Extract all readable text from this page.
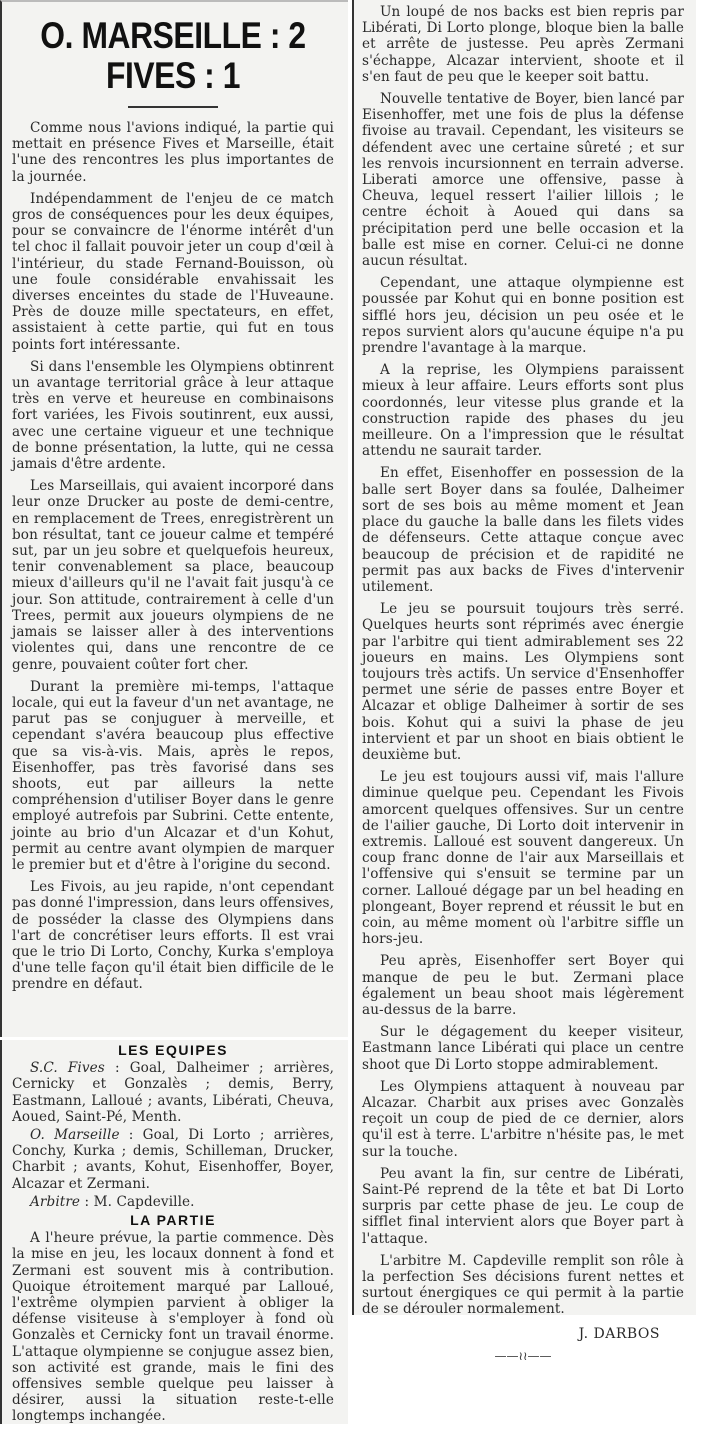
O. MARSEILLE : 2
FIVES : 1

Comme nous l'avions indiqué, la partie qui mettait en présence Fives et Marseille, était l'une des rencontres les plus importantes de la journée.

Indépendamment de l'enjeu de ce match gros de conséquences pour les deux équipes, pour se convaincre de l'énorme intérêt d'un tel choc il fallait pouvoir jeter un coup d'œil à l'intérieur, du stade Fernand-Bouisson, où une foule considérable envahissait les diverses enceintes du stade de l'Huveaune. Près de douze mille spectateurs, en effet, assistaient à cette partie, qui fut en tous points fort intéressante.

Si dans l'ensemble les Olympiens obtinrent un avantage territorial grâce à leur attaque très en verve et heureuse en combinaisons fort variées, les Fivois soutinrent, eux aussi, avec une certaine vigueur et une technique de bonne présentation, la lutte, qui ne cessa jamais d'être ardente.

Les Marseillais, qui avaient incorporé dans leur onze Drucker au poste de demi-centre, en remplacement de Trees, enregistrèrent un bon résultat, tant ce joueur calme et tempéré sut, par un jeu sobre et quelquefois heureux, tenir convenablement sa place, beaucoup mieux d'ailleurs qu'il ne l'avait fait jusqu'à ce jour. Son attitude, contrairement à celle d'un Trees, permit aux joueurs olympiens de ne jamais se laisser aller à des interventions violentes qui, dans une rencontre de ce genre, pouvaient coûter fort cher.

Durant la première mi-temps, l'attaque locale, qui eut la faveur d'un net avantage, ne parut pas se conjuguer à merveille, et cependant s'avéra beaucoup plus effective que sa vis-à-vis. Mais, après le repos, Eisenhoffer, pas très favorisé dans ses shoots, eut par ailleurs la nette compréhension d'utiliser Boyer dans le genre employé autrefois par Subrini. Cette entente, jointe au brio d'un Alcazar et d'un Kohut, permit au centre avant olympien de marquer le premier but et d'être à l'origine du second.

Les Fivois, au jeu rapide, n'ont cependant pas donné l'impression, dans leurs offensives, de posséder la classe des Olympiens dans l'art de concrétiser leurs efforts. Il est vrai que le trio Di Lorto, Conchy, Kurka s'employa d'une telle façon qu'il était bien difficile de le prendre en défaut.

LES EQUIPES

S.C. Fives : Goal, Dalheimer ; arrières, Cernicky et Gonzalès ; demis, Berry, Eastmann, Lalloué ; avants, Libérati, Cheuva, Aoued, Saint-Pé, Menth.

O. Marseille : Goal, Di Lorto ; arrières, Conchy, Kurka ; demis, Schilleman, Drucker, Charbit ; avants, Kohut, Eisenhoffer, Boyer, Alcazar et Zermani.

Arbitre : M. Capdeville.

LA PARTIE

A l'heure prévue, la partie commence. Dès la mise en jeu, les locaux donnent à fond et Zermani est souvent mis à contribution. Quoique étroitement marqué par Lalloué, l'extrême olympien parvient à obliger la défense visiteuse à s'employer à fond où Gonzalès et Cernicky font un travail énorme. L'attaque olympienne se conjugue assez bien, son activité est grande, mais le fini des offensives semble quelque peu laisser à désirer, aussi la situation reste-t-elle longtemps inchangée.

Un loupé de nos backs est bien repris par Libérati, Di Lorto plonge, bloque bien la balle et arrête de justesse. Peu après Zermani s'échappe, Alcazar intervient, shoote et il s'en faut de peu que le keeper soit battu.

Nouvelle tentative de Boyer, bien lancé par Eisenhoffer, met une fois de plus la défense fivoise au travail. Cependant, les visiteurs se défendent avec une certaine sûreté ; et sur les renvois incursionnent en terrain adverse. Liberati amorce une offensive, passe à Cheuva, lequel ressert l'ailier lillois ; le centre échoit à Aoued qui dans sa précipitation perd une belle occasion et la balle est mise en corner. Celui-ci ne donne aucun résultat.

Cependant, une attaque olympienne est poussée par Kohut qui en bonne position est sifflé hors jeu, décision un peu osée et le repos survient alors qu'aucune équipe n'a pu prendre l'avantage à la marque.

A la reprise, les Olympiens paraissent mieux à leur affaire. Leurs efforts sont plus coordonnés, leur vitesse plus grande et la construction rapide des phases du jeu meilleure. On a l'impression que le résultat attendu ne saurait tarder.

En effet, Eisenhoffer en possession de la balle sert Boyer dans sa foulée, Dalheimer sort de ses bois au même moment et Jean place du gauche la balle dans les filets vides de défenseurs. Cette attaque conçue avec beaucoup de précision et de rapidité ne permit pas aux backs de Fives d'intervenir utilement.

Le jeu se poursuit toujours très serré. Quelques heurts sont réprimés avec énergie par l'arbitre qui tient admirablement ses 22 joueurs en mains. Les Olympiens sont toujours très actifs. Un service d'Ensenhoffer permet une série de passes entre Boyer et Alcazar et oblige Dalheimer à sortir de ses bois. Kohut qui a suivi la phase de jeu intervient et par un shoot en biais obtient le deuxième but.

Le jeu est toujours aussi vif, mais l'allure diminue quelque peu. Cependant les Fivois amorcent quelques offensives. Sur un centre de l'ailier gauche, Di Lorto doit intervenir in extremis. Lalloué est souvent dangereux. Un coup franc donne de l'air aux Marseillais et l'offensive qui s'ensuit se termine par un corner. Lalloué dégage par un bel heading en plongeant, Boyer reprend et réussit le but en coin, au même moment où l'arbitre siffle un hors-jeu.

Peu après, Eisenhoffer sert Boyer qui manque de peu le but. Zermani place également un beau shoot mais légèrement au-dessus de la barre.

Sur le dégagement du keeper visiteur, Eastmann lance Libérati qui place un centre shoot que Di Lorto stoppe admirablement.

Les Olympiens attaquent à nouveau par Alcazar. Charbit aux prises avec Gonzalès reçoit un coup de pied de ce dernier, alors qu'il est à terre. L'arbitre n'hésite pas, le met sur la touche.

Peu avant la fin, sur centre de Libérati, Saint-Pé reprend de la tête et bat Di Lorto surpris par cette phase de jeu. Le coup de sifflet final intervient alors que Boyer part à l'attaque.

L'arbitre M. Capdeville remplit son rôle à la perfection Ses décisions furent nettes et surtout énergiques ce qui permit à la partie de se dérouler normalement.

J. DARBOS
——≀≀——
